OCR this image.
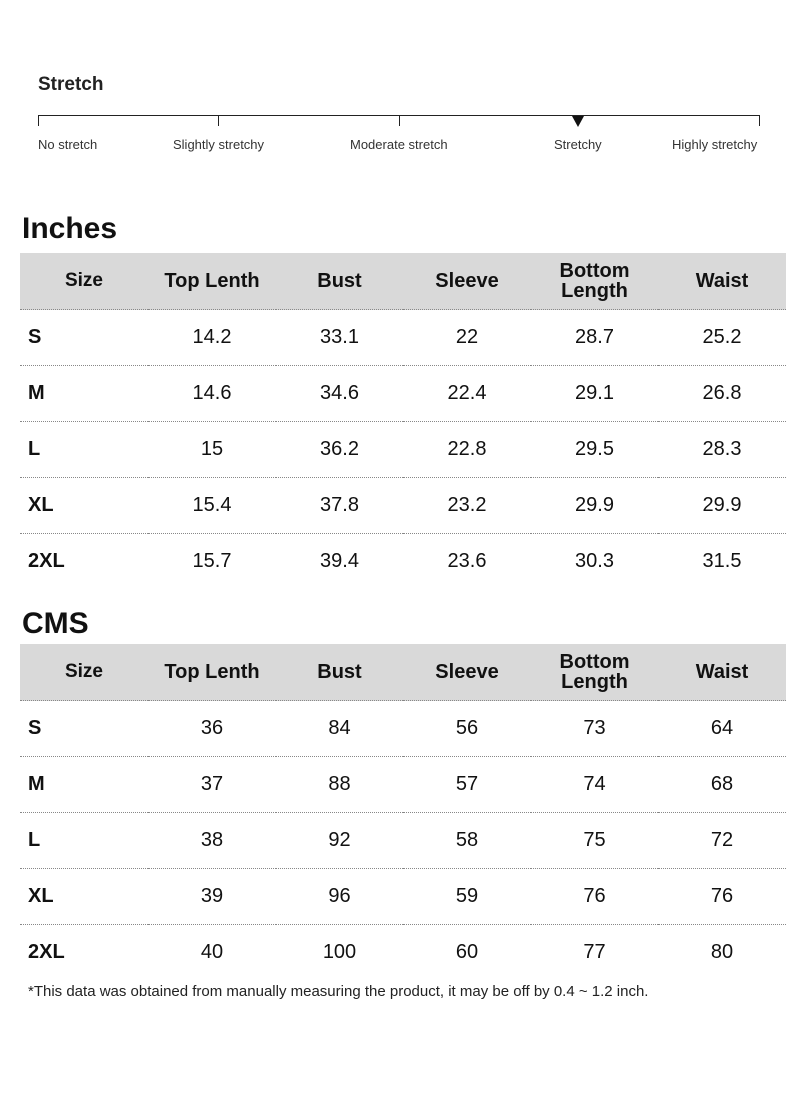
Stretch
No stretch	Slightly stretchy	Moderate stretch	Stretchy	Highly stretchy
Inches
Size	Top Lenth	Bust	Sleeve	Bottom Length	Waist
S	14.2	33.1	22	28.7	25.2
M	14.6	34.6	22.4	29.1	26.8
L	15	36.2	22.8	29.5	28.3
XL	15.4	37.8	23.2	29.9	29.9
2XL	15.7	39.4	23.6	30.3	31.5
CMS
Size	Top Lenth	Bust	Sleeve	Bottom Length	Waist
S	36	84	56	73	64
M	37	88	57	74	68
L	38	92	58	75	72
XL	39	96	59	76	76
2XL	40	100	60	77	80
*This data was obtained from manually measuring the product, it may be off by 0.4 ~ 1.2 inch.
